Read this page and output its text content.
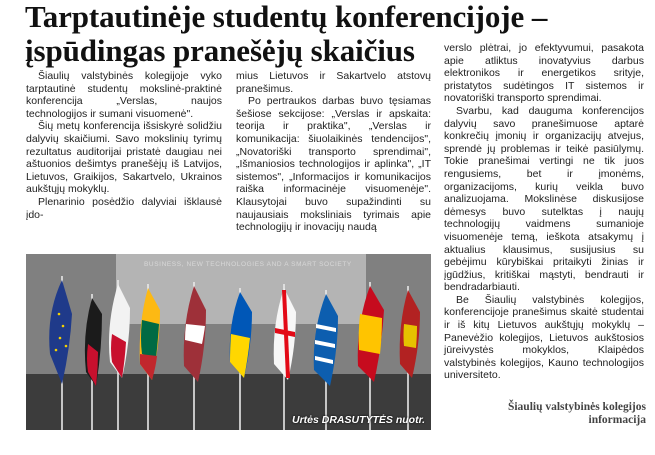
Tarptautinėje studentų konferencijoje –
įspūdingas pranešėjų skaičius

Šiaulių valstybinės kolegijoje vyko tarptautinė studentų mokslinė-praktinė konferencija „Verslas, naujos technologijos ir sumani visuomenė".

Šių metų konferencija išsiskyrė solidžiu dalyvių skaičiumi. Savo mokslinių tyrimų rezultatus auditorijai pristatė daugiau nei aštuonios dešimtys pranešėjų iš Latvijos, Lietuvos, Graikijos, Sakartvelo, Ukrainos aukštųjų mokyklų.

Plenarinio posėdžio dalyviai išklausė įdo-

mius Lietuvos ir Sakartvelo atstovų pranešimus.

Po pertraukos darbas buvo tęsiamas šešiose sekcijose: „Verslas ir apskaita: teorija ir praktika", „Verslas ir komunikacija: šiuolaikinės tendencijos", „Novatoriški transporto sprendimai", „Išmaniosios technologijos ir aplinka", „IT sistemos", „Informacijos ir komunikacijos raiška informacinėje visuomenėje". Klausytojai buvo supažindinti su naujausiais moksliniais tyrimais apie technologijų ir inovacijų naudą

verslo plėtrai, jo efektyvumui, pasakota apie atliktus inovatyvius darbus elektronikos ir energetikos srityje, pristatytos sudėtingos IT sistemos ir novatoriški transporto sprendimai.

Svarbu, kad dauguma konferencijos dalyvių savo pranešimuose aptarė konkrečių įmonių ir organizacijų atvejus, sprendė jų problemas ir teikė pasiūlymų. Tokie pranešimai vertingi ne tik juos rengusiems, bet ir įmonėms, organizacijoms, kurių veikla buvo analizuojama. Mokslinėse diskusijose dėmesys buvo sutelktas į naujų technologijų vaidmens sumanioje visuomenėje temą, ieškota atsakymų į aktualius klausimus, susijusius su gebėjimu kūrybiškai pritaikyti žinias ir įgūdžius, kritiškai mąstyti, bendrauti ir bendradarbiauti.

Be Šiaulių valstybinės kolegijos, konferencijoje pranešimus skaitė studentai ir iš kitų Lietuvos aukštųjų mokyklų – Panevėžio kolegijos, Lietuvos aukštosios jūreivystės mokyklos, Klaipėdos valstybinės kolegijos, Kauno technologijos universiteto.

BUSINESS, NEW TECHNOLOGIES AND A SMART SOCIETY
Urtės DRASUTYTĖS nuotr.
Šiaulių valstybinės kolegijos
informacija
